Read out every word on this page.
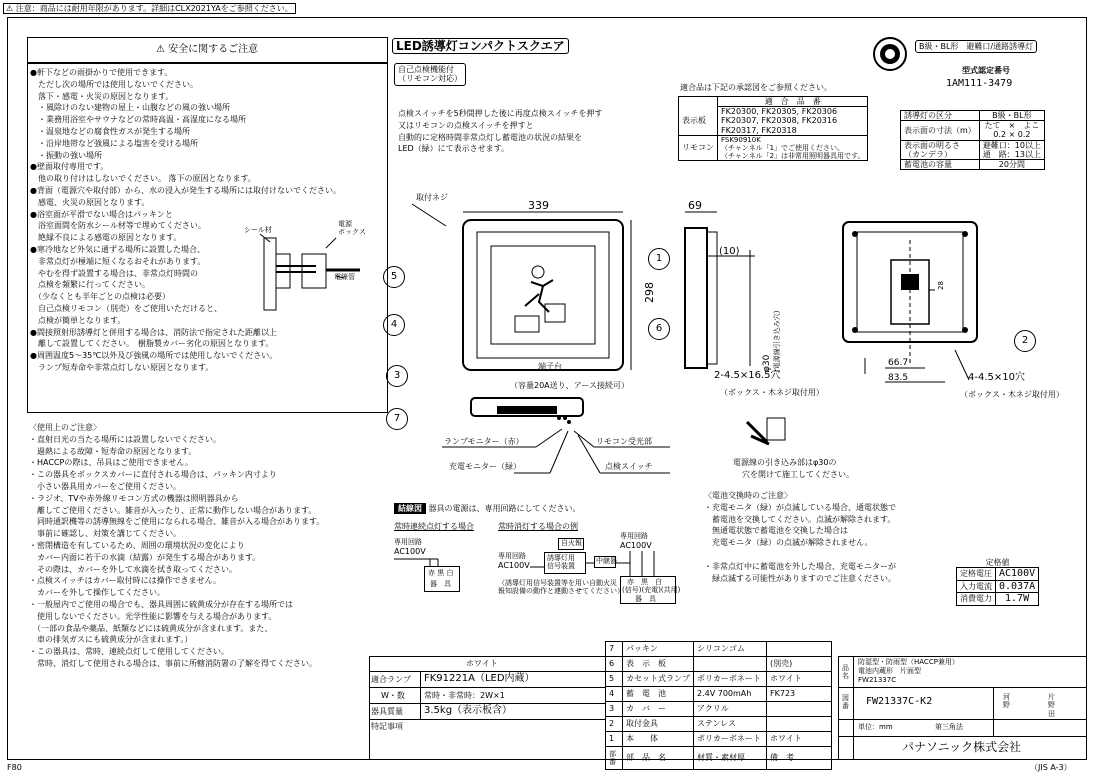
⚠ 注意：商品には耐用年限があります。詳細はCLX2021YAをご参照ください。
⚠ 安全に関するご注意
●軒下などの雨掛かりで使用できます。
　ただし次の場所では使用しないでください。
　落下・感電・火災の原因となります。
　・風除けのない建物の屋上・山腹などの風の強い場所
　・業務用浴室やサウナなどの常時高温・高湿度になる場所
　・温泉地などの腐食性ガスが発生する場所
　・沿岸地帯など強風による塩害を受ける場所
　・振動の強い場所
●壁面取付専用です。
　他の取り付けはしないでください。 落下の原因となります。
●背面（電源穴や取付部）から、水の浸入が発生する場所には取付けないでください。
　感電、火災の原因となります。
●浴室面が平滑でない場合はパッキンと
　浴室面間を防水シール材等で埋めてください。
　絶縁不良による感電の原因となります。
●寒冷地など外気に通ずる場所に設置した場合、
　非常点灯が極端に短くなるおそれがあります。
　やむを得ず設置する場合は、非常点灯時間の
　点検を頻繁に行ってください。
　（少なくとも半年ごとの点検は必要）
　自己点検リモコン（別売）をご使用いただけると、
　点検が簡単となります。
●間接照射形誘導灯と併用する場合は、消防法で指定された距離以上
　離して設置してください。　樹脂製カバー劣化の原因となります。
●周囲温度5～35℃以外及び強風の場所では使用しないでください。
　ランプ短寿命や非常点灯しない原因となります。
シール材
電源
ボックス
電線管
〈使用上のご注意〉
・直射日光の当たる場所には設置しないでください。
　過熱による故障・短寿命の原因となります。
・HACCPの際は、吊具はご使用できません。
・この器具をボックスカバーに直付される場合は、パッキン内寸より
　小さい器具用カバーをご使用ください。
・ラジオ、TVや赤外線リモコン方式の機器は照明器具から
　離してご使用ください。雑音が入ったり、正常に動作しない場合があります。
　同時通訳機等の誘導無線をご使用になられる場合、雑音が入る場合があります。
　事前に確認し、対策を講じてください。
・密閉構造を有しているため、周囲の環境状況の変化により
　カバー内面に若干の水滴（結露）が発生する場合があります。
　その際は、カバーを外して水滴を拭き取ってください。
・点検スイッチはカバー取付時には操作できません。
　カバーを外して操作してください。
・一般屋内でご使用の場合でも、器具周囲に硫黄成分が存在する場所では
　使用しないでください。光学性能に影響を与える場合があります。
　（一部の食品や薬品、紙類などには硫黄成分が含まれます。また、
　車の排気ガスにも硫黄成分が含まれます。）
・この器具は、常時、連続点灯して使用してください。
　常時、消灯して使用される場合は、事前に所轄消防署の了解を得てください。
LED誘導灯コンパクトスクエア
自己点検機能付
（リモコン対応）
点検スイッチを5秒間押した後に再度点検スイッチを押す
又はリモコンの点検スイッチを押すと
自動的に定格時間非常点灯し蓄電池の状況の結果を
LED（緑）にて表示させます。
適合品は下記の承認図をご参照ください。
B級・BL形　避難口/通路誘導灯
型式認定番号
1AM111-3479
	適　合　品　番
表示板	FK20300, FK20305, FK20306
FK20307, FK20308, FK20316
FK20317, FK20318

リモコン	FSK90910K
（チャンネル「1」でご使用ください。
（チャンネル「2」は非常用照明器具用です。
誘導灯の区分	B級・BL形
表示面の寸法（m）	たて　×　よこ
0.2 × 0.2
表示面の明るさ
（カンデラ）	避難口：10以上
通　路：13以上
蓄電池の容量	20分間
339
298
69
(10)
φ30 (電源線引き込み穴)
28
66.7
83.5
取付ネジ
5
4
3
7
1
6
2
端子台
（容量20A送り、アース接続可）
2-4.5×16.5穴
（ボックス・木ネジ取付用）
4-4.5×10穴
（ボックス・木ネジ取付用）
ランプモニター（赤）
充電モニター（緑）
リモコン受光部
点検スイッチ	電源線の引き込み部はφ30の
穴を開けて施工してください。
結線図 器具の電源は、専用回路にしてください。
常時連続点灯する場合	常時消灯する場合の例
専用回路
AC100V
赤 黒 白
器　具
専用回路
AC100V
専用回路
AC100V
自火報
誘導灯用
信号装置
中継器
（誘導灯用信号装置等を用い自動火災
報知設備の動作と連動させてください）
赤　黒　白
(信号)(充電)(共用)
器　具
〈電池交換時のご注意〉
・充電モニタ（緑）が点滅している場合、通電状態で
　蓄電池を交換してください。点滅が解除されます。
　無通電状態で蓄電池を交換した場合は
　充電モニタ（緑）の点滅が解除されません。
・非常点灯中に蓄電池を外した場合、充電モニターが
　緑点滅する可能性がありますのでご注意ください。
定格値	
定格電圧	AC100V
入力電流	0.037A
消費電力	1.7W
ホワイト
適合ランプ FK91221A（LED内蔵）
W・数 常時・非常時：2W×1
器具質量 3.5kg（表示板含）
特記事項
7	パッキン	シリコンゴム		
6	表　示　板		(別売)	
5	カセット式ランプ	ポリカーボネート	ホワイト	
4	蓄　電　池	2.4V 700mAh	FK723	
3	カ　バ　ー	アクリル		
2	取付金具	ステンレス		
1	本　　体	ポリカーボネート	ホワイト	
部番	部　品　名	材質・素材厚	備　考	
品名
防湿型・防雨型（HACCP兼用）
電池内蔵形　片面型
FW21337C
図番 FW21337C-K2
単位：mm	第三角法
河野
片野田
パナソニック株式会社
F80	（JIS A-3）
